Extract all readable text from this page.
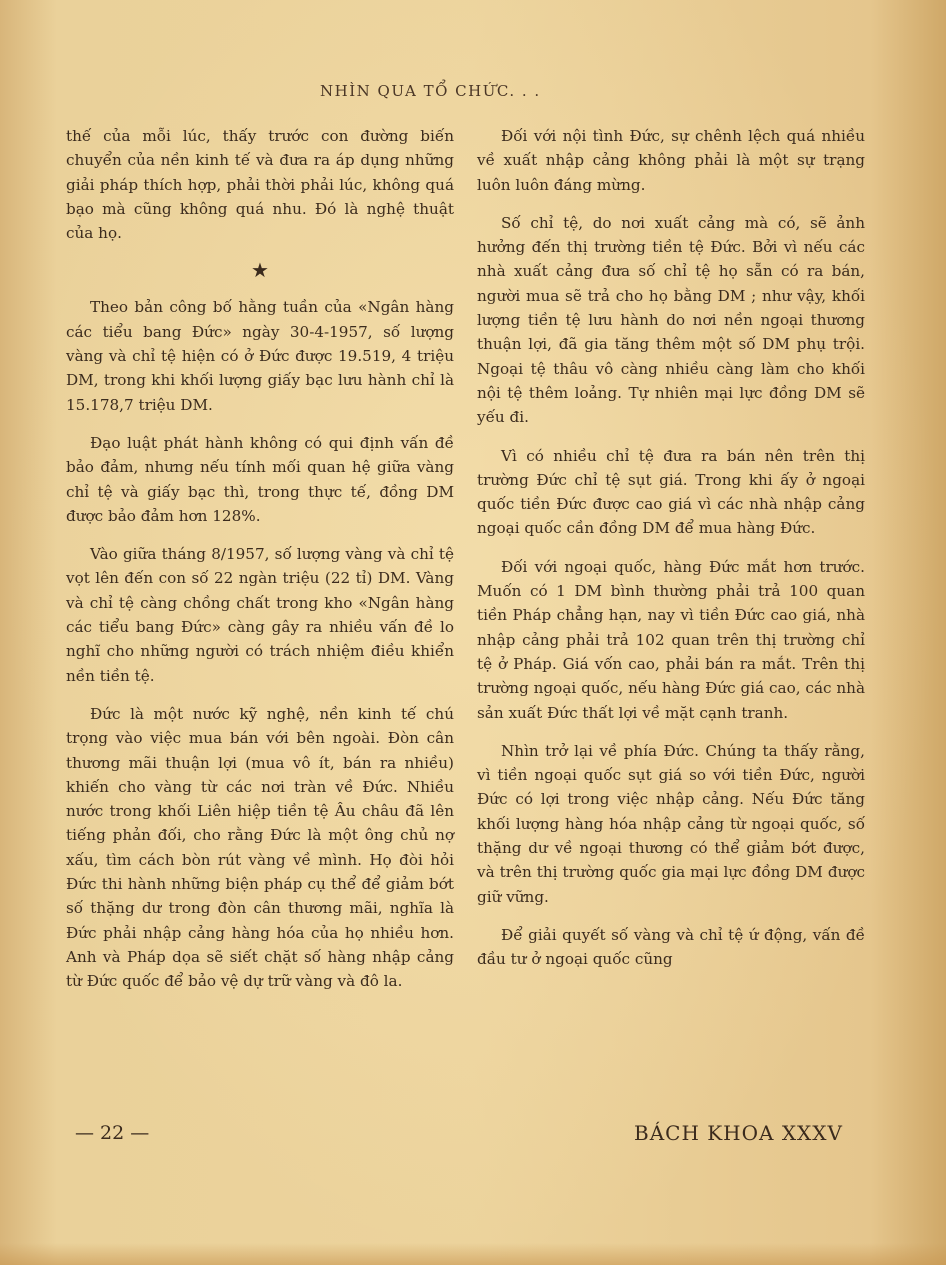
NHÌN QUA TỔ CHỨC. . .

thế của mỗi lúc, thấy trước con đường biến chuyển của nền kinh tế và đưa ra áp dụng những giải pháp thích hợp, phải thời phải lúc, không quá bạo mà cũng không quá nhu. Đó là nghệ thuật của họ.

★

Theo bản công bố hằng tuần của «Ngân hàng các tiểu bang Đức» ngày 30-4-1957, số lượng vàng và chỉ tệ hiện có ở Đức được 19.519, 4 triệu DM, trong khi khối lượng giấy bạc lưu hành chỉ là 15.178,7 triệu DM.

Đạo luật phát hành không có qui định vấn đề bảo đảm, nhưng nếu tính mối quan hệ giữa vàng chỉ tệ và giấy bạc thì, trong thực tế, đồng DM được bảo đảm hơn 128%.

Vào giữa tháng 8/1957, số lượng vàng và chỉ tệ vọt lên đến con số 22 ngàn triệu (22 tỉ) DM. Vàng và chỉ tệ càng chồng chất trong kho «Ngân hàng các tiểu bang Đức» càng gây ra nhiều vấn đề lo nghĩ cho những người có trách nhiệm điều khiển nền tiền tệ.

Đức là một nước kỹ nghệ, nền kinh tế chú trọng vào việc mua bán với bên ngoài. Đòn cân thương mãi thuận lợi (mua vô ít, bán ra nhiều) khiến cho vàng từ các nơi tràn về Đức. Nhiều nước trong khối Liên hiệp tiền tệ Âu châu đã lên tiếng phản đối, cho rằng Đức là một ông chủ nợ xấu, tìm cách bòn rút vàng về mình. Họ đòi hỏi Đức thi hành những biện pháp cụ thể để giảm bớt số thặng dư trong đòn cân thương mãi, nghĩa là Đức phải nhập cảng hàng hóa của họ nhiều hơn. Anh và Pháp dọa sẽ siết chặt số hàng nhập cảng từ Đức quốc để bảo vệ dự trữ vàng và đô la.

Đối với nội tình Đức, sự chênh lệch quá nhiều về xuất nhập cảng không phải là một sự trạng luôn luôn đáng mừng.

Số chỉ tệ, do nơi xuất cảng mà có, sẽ ảnh hưởng đến thị trường tiền tệ Đức. Bởi vì nếu các nhà xuất cảng đưa số chỉ tệ họ sẵn có ra bán, người mua sẽ trả cho họ bằng DM ; như vậy, khối lượng tiền tệ lưu hành do nơi nền ngoại thương thuận lợi, đã gia tăng thêm một số DM phụ trội. Ngoại tệ thâu vô càng nhiều càng làm cho khối nội tệ thêm loảng. Tự nhiên mại lực đồng DM sẽ yếu đi.

Vì có nhiều chỉ tệ đưa ra bán nên trên thị trường Đức chỉ tệ sụt giá. Trong khi ấy ở ngoại quốc tiền Đức được cao giá vì các nhà nhập cảng ngoại quốc cần đồng DM để mua hàng Đức.

Đối với ngoại quốc, hàng Đức mắt hơn trước. Muốn có 1 DM bình thường phải trả 100 quan tiền Pháp chẳng hạn, nay vì tiền Đức cao giá, nhà nhập cảng phải trả 102 quan trên thị trường chỉ tệ ở Pháp. Giá vốn cao, phải bán ra mắt. Trên thị trường ngoại quốc, nếu hàng Đức giá cao, các nhà sản xuất Đức thất lợi về mặt cạnh tranh.

Nhìn trở lại về phía Đức. Chúng ta thấy rằng, vì tiền ngoại quốc sụt giá so với tiền Đức, người Đức có lợi trong việc nhập cảng. Nếu Đức tăng khối lượng hàng hóa nhập cảng từ ngoại quốc, số thặng dư về ngoại thương có thể giảm bớt được, và trên thị trường quốc gia mại lực đồng DM được giữ vững.

Để giải quyết số vàng và chỉ tệ ứ động, vấn đề đầu tư ở ngoại quốc cũng

— 22 —	BÁCH KHOA XXXV
